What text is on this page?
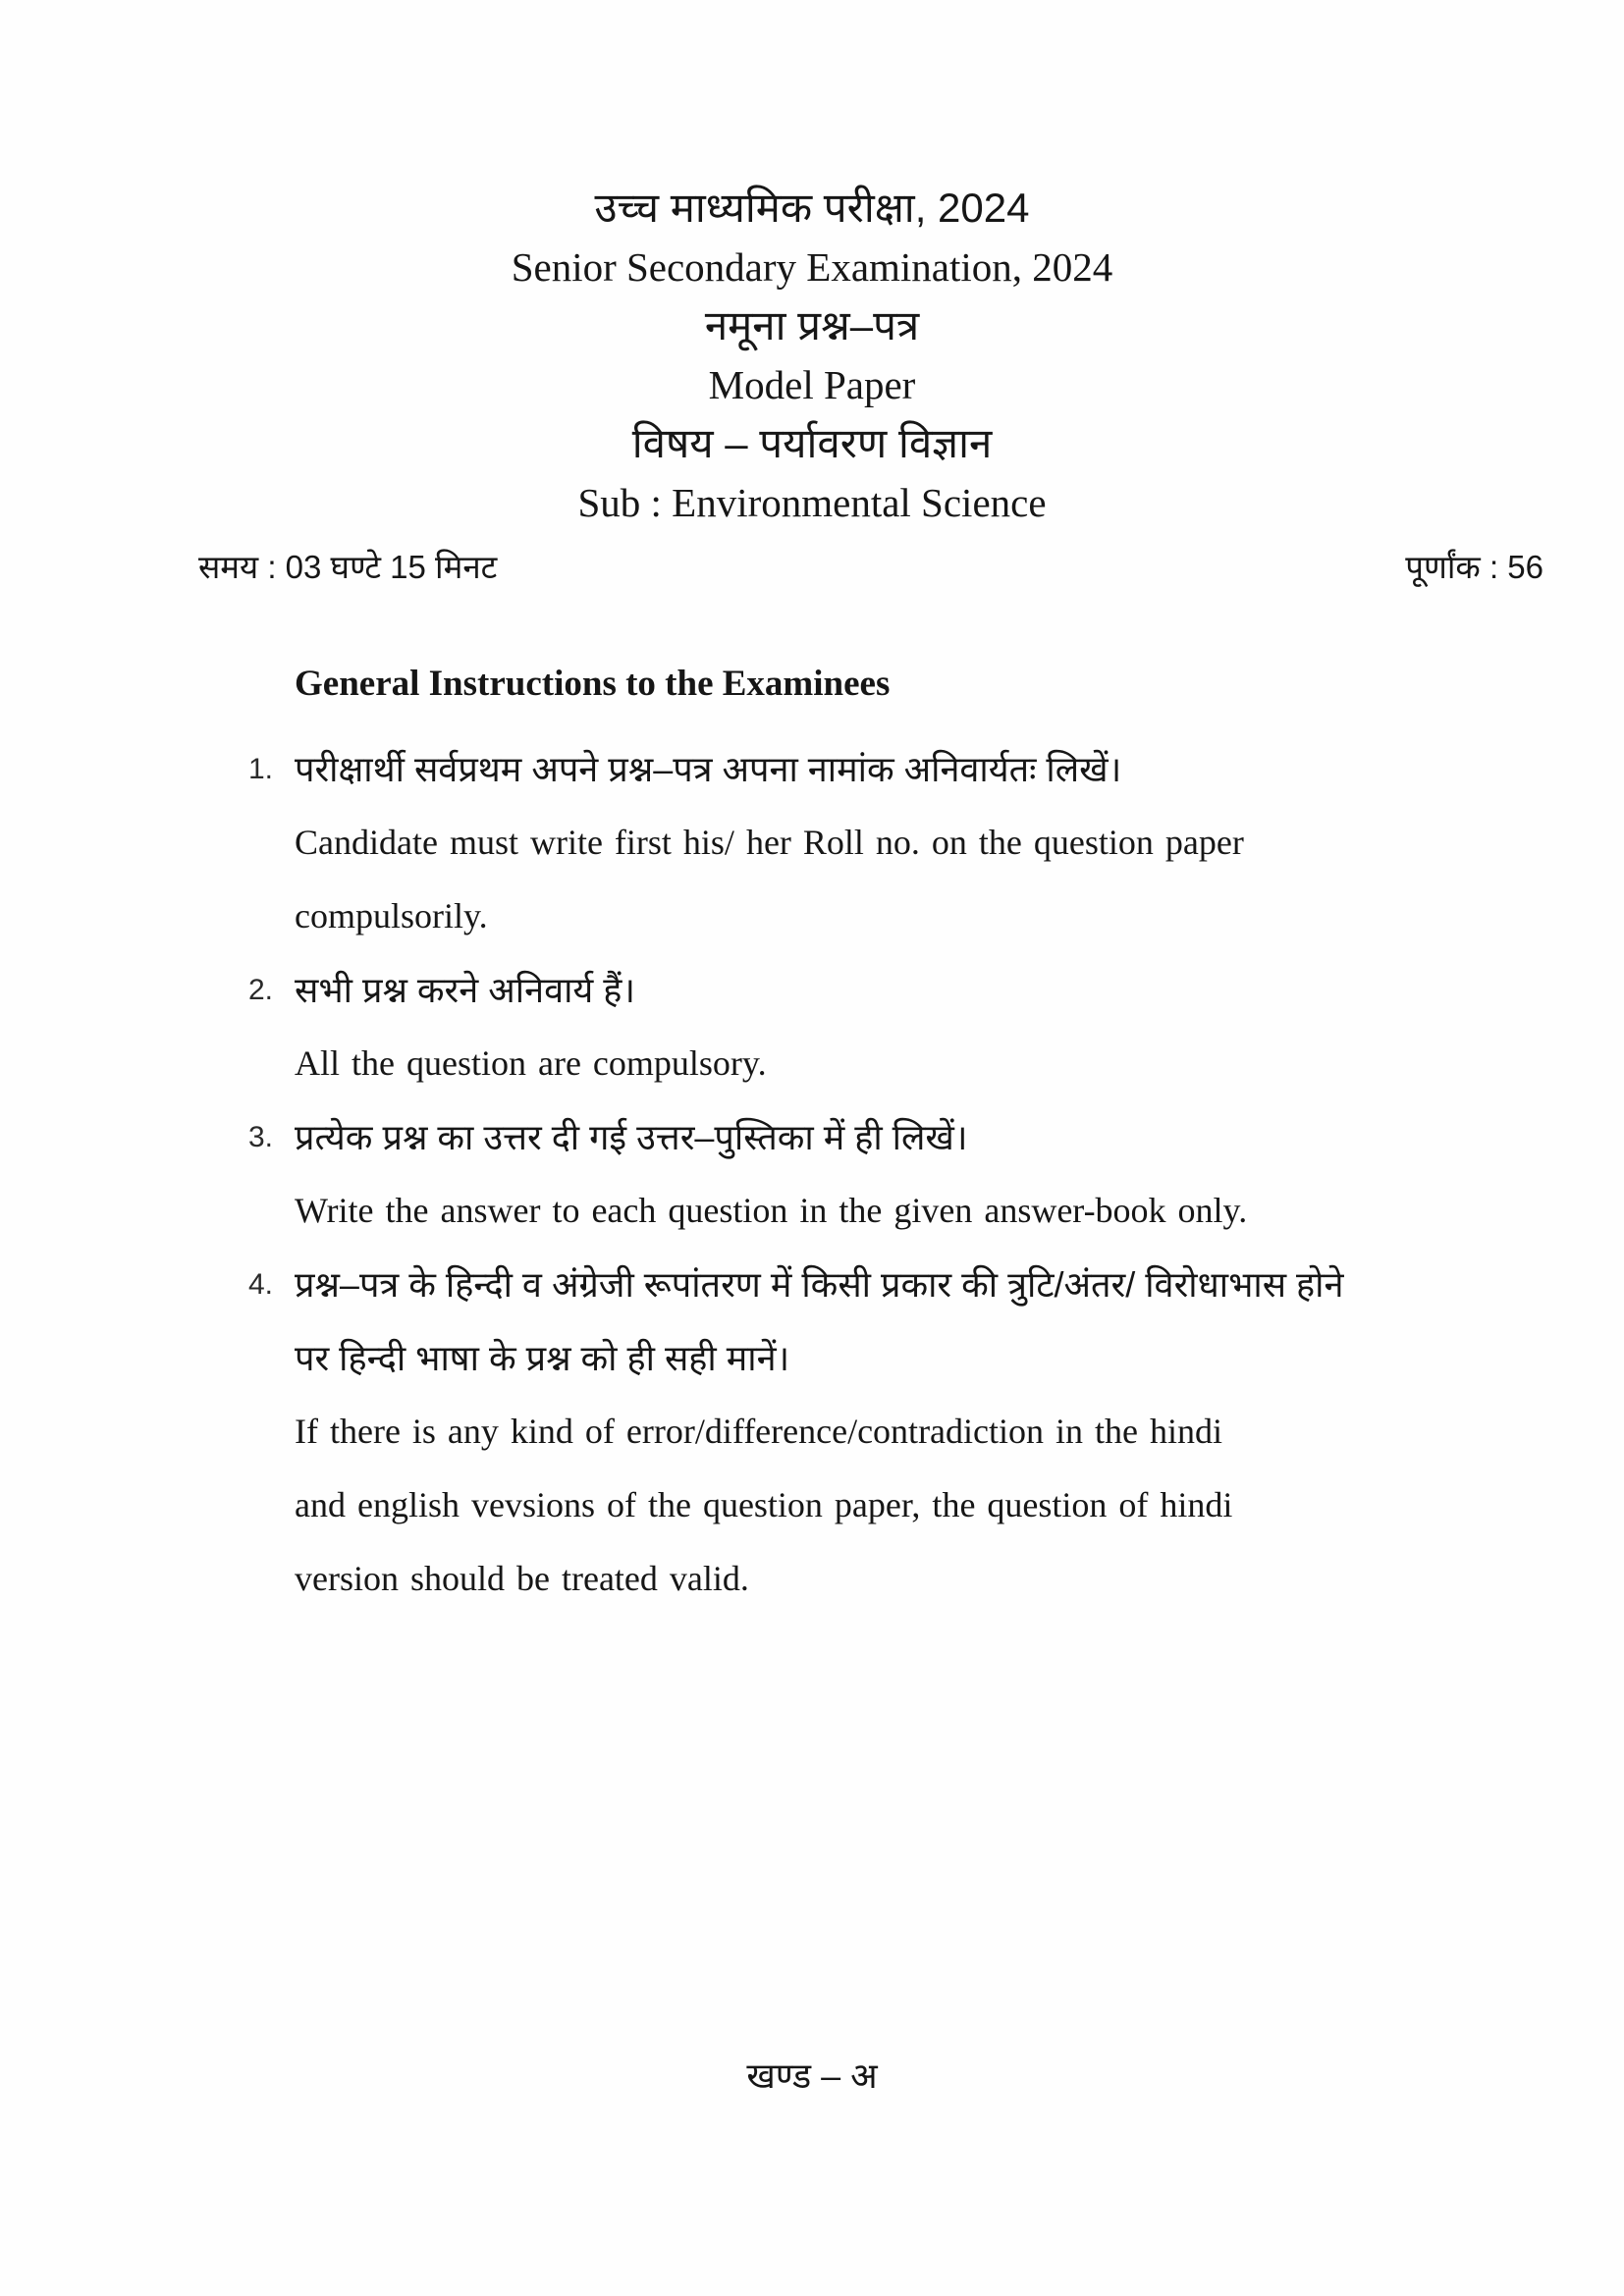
उच्च माध्यमिक परीक्षा, 2024
Senior Secondary Examination, 2024
नमूना प्रश्न–पत्र
Model Paper
विषय – पर्यावरण विज्ञान
Sub : Environmental Science
समय : 03 घण्टे 15 मिनट	पूर्णांक : 56
General Instructions to the Examinees
1. परीक्षार्थी सर्वप्रथम अपने प्रश्न–पत्र अपना नामांक अनिवार्यतः लिखें।
Candidate must write first his/ her Roll no. on the question paper
compulsorily.
2. सभी प्रश्न करने अनिवार्य हैं।
All the question are compulsory.
3. प्रत्येक प्रश्न का उत्तर दी गई उत्तर–पुस्तिका में ही लिखें।
Write the answer to each question in the given answer-book only.
4. प्रश्न–पत्र के हिन्दी व अंग्रेजी रूपांतरण में किसी प्रकार की त्रुटि/अंतर/ विरोधाभास होने
पर हिन्दी भाषा के प्रश्न को ही सही मानें।
If there is any kind of error/difference/contradiction in the hindi
and english vevsions of the question paper, the question of hindi
version should be treated valid.
खण्ड – अ
